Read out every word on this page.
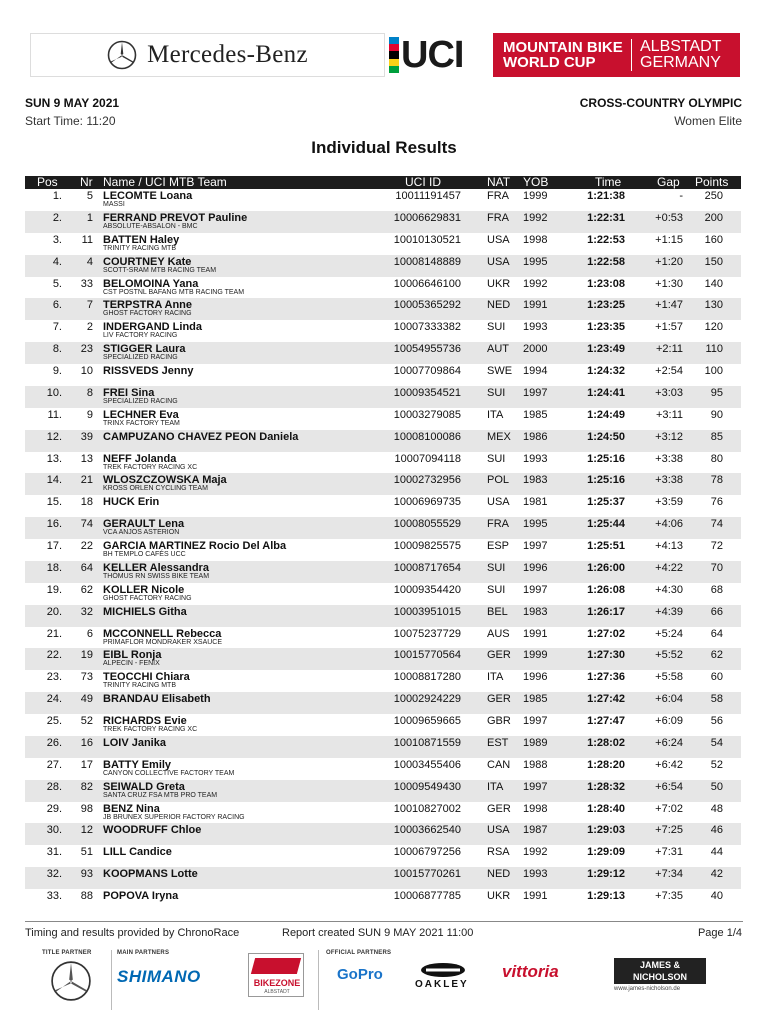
Mercedes-Benz UCI	MOUNTAIN BIKE
WORLD CUP
ALBSTADT
GERMANY
SUN 9 MAY 2021
Start Time: 11:20
CROSS-COUNTRY OLYMPIC
Women Elite
Individual Results
Pos Nr Name / UCI MTB Team	UCI ID	NAT YOB	Time	Gap Points
1.	5 LECOMTE Loana
MASSI
10011191457 FRA 1999	1:21:38	-	250
2.	1 FERRAND PREVOT Pauline
ABSOLUTE-ABSALON - BMC
10006629831 FRA 1992	1:22:31	+0:53	200
3.	11 BATTEN Haley
TRINITY RACING MTB
10010130521 USA 1998	1:22:53	+1:15	160
4.	4 COURTNEY Kate
SCOTT-SRAM MTB RACING TEAM
10008148889 USA 1995	1:22:58	+1:20	150
5.	33 BELOMOINA Yana
CST POSTNL BAFANG MTB RACING TEAM
10006646100 UKR 1992	1:23:08	+1:30	140
6.	7 TERPSTRA Anne
GHOST FACTORY RACING
10005365292 NED 1991	1:23:25	+1:47	130
7.	2 INDERGAND Linda
LIV FACTORY RACING
10007333382 SUI 1993	1:23:35	+1:57	120
8.	23 STIGGER Laura
SPECIALIZED RACING
10054955736 AUT 2000	1:23:49	+2:11	110
9.	10 RISSVEDS Jenny	10007709864 SWE 1994	1:24:32	+2:54	100
10.	8 FREI Sina
SPECIALIZED RACING
10009354521 SUI 1997	1:24:41	+3:03	95
11.	9 LECHNER Eva
TRINX FACTORY TEAM
10003279085 ITA 1985	1:24:49	+3:11	90
12.	39 CAMPUZANO CHAVEZ PEON Daniela	10008100086 MEX 1986	1:24:50	+3:12	85
13.	13 NEFF Jolanda
TREK FACTORY RACING XC
10007094118 SUI 1993	1:25:16	+3:38	80
14.	21 WLOSZCZOWSKA Maja
KROSS ORLEN CYCLING TEAM
10002732956 POL 1983	1:25:16	+3:38	78
15.	18 HUCK Erin	10006969735 USA 1981	1:25:37	+3:59	76
16.	74 GERAULT Lena
VCA ANJOS ASTERION
10008055529 FRA 1995	1:25:44	+4:06	74
17.	22 GARCIA MARTINEZ Rocio Del Alba
BH TEMPLO CAFÉS UCC
10009825575 ESP 1997	1:25:51	+4:13	72
18.	64 KELLER Alessandra
THÖMUS RN SWISS BIKE TEAM
10008717654 SUI 1996	1:26:00	+4:22	70
19.	62 KOLLER Nicole
GHOST FACTORY RACING
10009354420 SUI 1997	1:26:08	+4:30	68
20.	32 MICHIELS Githa	10003951015 BEL 1983	1:26:17	+4:39	66
21.	6 MCCONNELL Rebecca
PRIMAFLOR MONDRAKER XSAUCE
10075237729 AUS 1991	1:27:02	+5:24	64
22.	19 EIBL Ronja
ALPECIN - FENIX
10015770564 GER 1999	1:27:30	+5:52	62
23.	73 TEOCCHI Chiara
TRINITY RACING MTB
10008817280 ITA 1996	1:27:36	+5:58	60
24.	49 BRANDAU Elisabeth	10002924229 GER 1985	1:27:42	+6:04	58
25.	52 RICHARDS Evie
TREK FACTORY RACING XC
10009659665 GBR 1997	1:27:47	+6:09	56
26.	16 LOIV Janika	10010871559 EST 1989	1:28:02	+6:24	54
27.	17 BATTY Emily
CANYON COLLECTIVE FACTORY TEAM
10003455406 CAN 1988	1:28:20	+6:42	52
28.	82 SEIWALD Greta
SANTA CRUZ FSA MTB PRO TEAM
10009549430 ITA 1997	1:28:32	+6:54	50
29.	98 BENZ Nina
JB BRUNEX SUPERIOR FACTORY RACING
10010827002 GER 1998	1:28:40	+7:02	48
30.	12 WOODRUFF Chloe	10003662540 USA 1987	1:29:03	+7:25	46
31.	51 LILL Candice	10006797256 RSA 1992	1:29:09	+7:31	44
32.	93 KOOPMANS Lotte	10015770261 NED 1993	1:29:12	+7:34	42
33.	88 POPOVA Iryna	10006877785 UKR 1991	1:29:13	+7:35	40
Timing and results provided by ChronoRace	Report created SUN 9 MAY 2021 11:00	Page 1/4
TITLE PARTNER	MAIN PARTNERS
SHIMANO	BIKEZONE
ALBSTADT
OFFICIAL PARTNERS
GoPro
OAKLEY
vittoria	JAMES &
NICHOLSON
www.james-nicholson.de
